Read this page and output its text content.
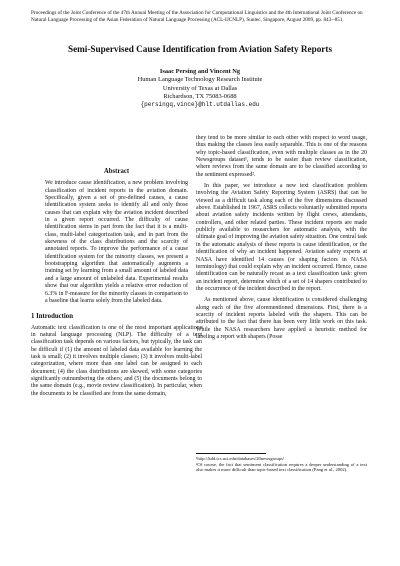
Proceedings of the Joint Conference of the 47th Annual Meeting of the Association for Computational Linguistics and the 4th International Joint Conference on Natural Language Processing of the Asian Federation of Natural Language Processing (ACL-IJCNLP), Suntec, Singapore, August 2009, pp. 843--851.
Semi-Supervised Cause Identification from Aviation Safety Reports
Isaac Persing and Vincent Ng
Human Language Technology Research Institute
University of Texas at Dallas
Richardson, TX 75083-0688
{persingq,vince}@hlt.utdallas.edu
Abstract

We introduce cause identification, a new problem involving classification of incident reports in the aviation domain. Specifically, given a set of pre-defined causes, a cause identification system seeks to identify all and only those causes that can explain why the aviation incident described in a given report occurred. The difficulty of cause identification stems in part from the fact that it is a multi-class, multi-label categorization task, and in part from the skewness of the class distributions and the scarcity of annotated reports. To improve the performance of a cause identification system for the minority classes, we present a bootstrapping algorithm that automatically augments a training set by learning from a small amount of labeled data and a large amount of unlabeled data. Experimental results show that our algorithm yields a relative error reduction of 6.3% in F-measure for the minority classes in comparison to a baseline that learns solely from the labeled data.

1 Introduction

Automatic text classification is one of the most important applications in natural language processing (NLP). The difficulty of a text classification task depends on various factors, but typically, the task can be difficult if (1) the amount of labeled data available for learning the task is small; (2) it involves multiple classes; (3) it involves multi-label categorization, where more than one label can be assigned to each document; (4) the class distributions are skewed, with some categories significantly outnumbering the others; and (5) the documents belong to the same domain (e.g., movie review classification). In particular, when the documents to be classified are from the same domain,

they tend to be more similar to each other with respect to word usage, thus making the classes less easily separable. This is one of the reasons why topic-based classification, even with multiple classes as in the 20 Newsgroups dataset¹, tends to be easier than review classification, where reviews from the same domain are to be classified according to the sentiment expressed².

In this paper, we introduce a new text classification problem involving the Aviation Safety Reporting System (ASRS) that can be viewed as a difficult task along each of the five dimensions discussed above. Established in 1967, ASRS collects voluntarily submitted reports about aviation safety incidents written by flight crews, attendants, controllers, and other related parties. These incident reports are made publicly available to researchers for automatic analysis, with the ultimate goal of improving the aviation safety situation. One central task in the automatic analysis of these reports is cause identification, or the identification of why an incident happened. Aviation safety experts at NASA have identified 14 causes (or shaping factors in NASA terminology) that could explain why an incident occurred. Hence, cause identification can be naturally recast as a text classification task: given an incident report, determine which of a set of 14 shapers contributed to the occurrence of the incident described in the report.

As mentioned above, cause identification is considered challenging along each of the five aforementioned dimensions. First, there is a scarcity of incident reports labeled with the shapers. This can be attributed to the fact that there has been very little work on this task. While the NASA researchers have applied a heuristic method for labeling a report with shapers (Posse

¹http://kdd.ics.uci.edu/databases/20newsgroups/

²Of course, the fact that sentiment classification requires a deeper understanding of a text also makes it more difficult than topic-based text classification (Pang et al., 2002).
